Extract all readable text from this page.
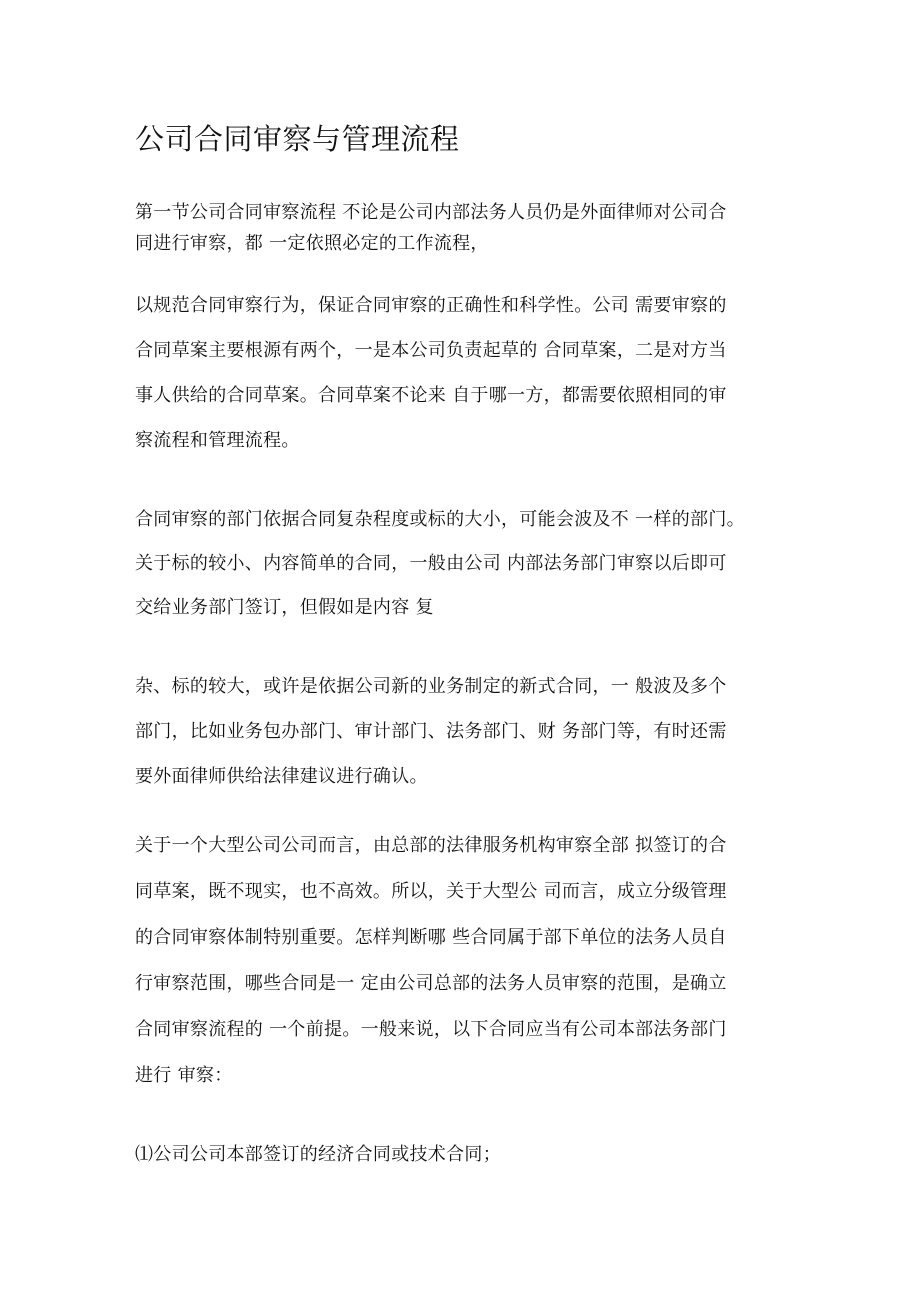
公司合同审察与管理流程
第一节公司合同审察流程 不论是公司内部法务人员仍是外面律师对公司合
同进行审察，都 一定依照必定的工作流程，
以规范合同审察行为，保证合同审察的正确性和科学性。公司 需要审察的
合同草案主要根源有两个，一是本公司负责起草的 合同草案，二是对方当
事人供给的合同草案。合同草案不论来 自于哪一方，都需要依照相同的审
察流程和管理流程。
合同审察的部门依据合同复杂程度或标的大小，可能会波及不 一样的部门。
关于标的较小、内容简单的合同，一般由公司 内部法务部门审察以后即可
交给业务部门签订，但假如是内容 复
杂、标的较大，或许是依据公司新的业务制定的新式合同，一 般波及多个
部门，比如业务包办部门、审计部门、法务部门、财 务部门等，有时还需
要外面律师供给法律建议进行确认。
关于一个大型公司公司而言，由总部的法律服务机构审察全部 拟签订的合
同草案，既不现实，也不高效。所以，关于大型公 司而言，成立分级管理
的合同审察体制特别重要。怎样判断哪 些合同属于部下单位的法务人员自
行审察范围，哪些合同是一 定由公司总部的法务人员审察的范围，是确立
合同审察流程的 一个前提。一般来说，以下合同应当有公司本部法务部门
进行 审察：
⑴公司公司本部签订的经济合同或技术合同；
